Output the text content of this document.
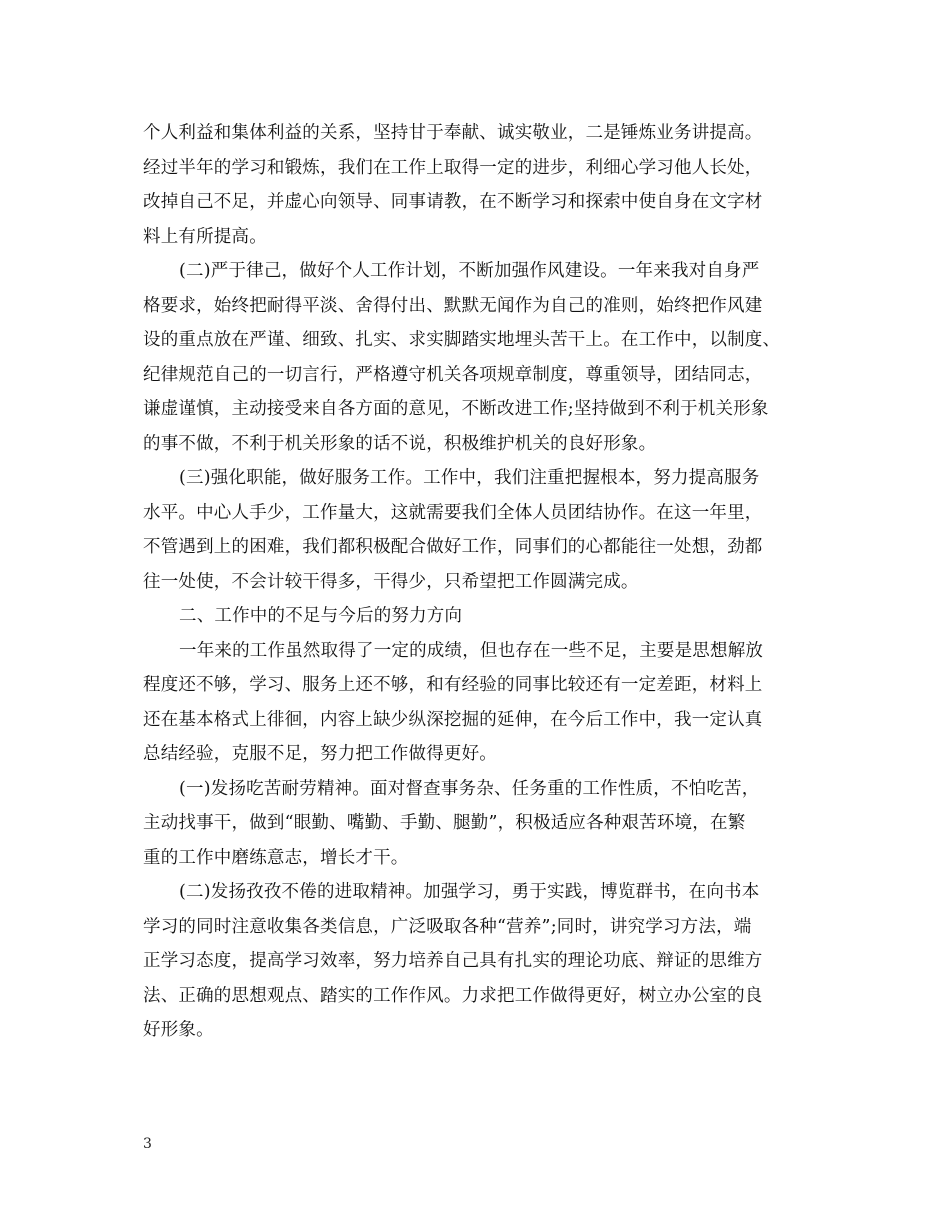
个人利益和集体利益的关系，坚持甘于奉献、诚实敬业，二是锤炼业务讲提高。
经过半年的学习和锻炼，我们在工作上取得一定的进步，利细心学习他人长处，
改掉自己不足，并虚心向领导、同事请教，在不断学习和探索中使自身在文字材
料上有所提高。
(二)严于律己，做好个人工作计划，不断加强作风建设。一年来我对自身严
格要求，始终把耐得平淡、舍得付出、默默无闻作为自己的准则，始终把作风建
设的重点放在严谨、细致、扎实、求实脚踏实地埋头苦干上。在工作中，以制度、
纪律规范自己的一切言行，严格遵守机关各项规章制度，尊重领导，团结同志，
谦虚谨慎，主动接受来自各方面的意见，不断改进工作;坚持做到不利于机关形象
的事不做，不利于机关形象的话不说，积极维护机关的良好形象。
(三)强化职能，做好服务工作。工作中，我们注重把握根本，努力提高服务
水平。中心人手少，工作量大，这就需要我们全体人员团结协作。在这一年里，
不管遇到上的困难，我们都积极配合做好工作，同事们的心都能往一处想，劲都
往一处使，不会计较干得多，干得少，只希望把工作圆满完成。
二、工作中的不足与今后的努力方向
一年来的工作虽然取得了一定的成绩，但也存在一些不足，主要是思想解放
程度还不够，学习、服务上还不够，和有经验的同事比较还有一定差距，材料上
还在基本格式上徘徊，内容上缺少纵深挖掘的延伸，在今后工作中，我一定认真
总结经验，克服不足，努力把工作做得更好。
(一)发扬吃苦耐劳精神。面对督查事务杂、任务重的工作性质，不怕吃苦，
主动找事干，做到“眼勤、嘴勤、手勤、腿勤”，积极适应各种艰苦环境，在繁
重的工作中磨练意志，增长才干。
(二)发扬孜孜不倦的进取精神。加强学习，勇于实践，博览群书，在向书本
学习的同时注意收集各类信息，广泛吸取各种“营养”;同时，讲究学习方法，端
正学习态度，提高学习效率，努力培养自己具有扎实的理论功底、辩证的思维方
法、正确的思想观点、踏实的工作作风。力求把工作做得更好，树立办公室的良
好形象。
3
